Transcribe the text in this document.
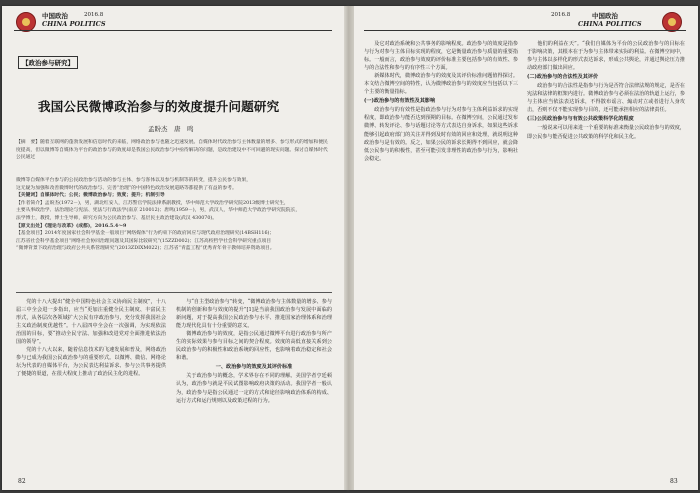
中国政治	2016.8
CHINA POLITICS
【政治参与研究】
我国公民微博政治参与的效度提升问题研究
孟盼杰　唐　鸣
【摘　要】随着互联网的蓬勃发展和信息时代的来临，网络政治参与也随之迅速发展。自媒体时代政治参与主体数量的增多、参与形式的增加和便民度提高，但以微博等自媒体为平台的政治参与的效度却是我国公民政治参与中亟待解决的问题，是政治建设中不可回避的现实问题。探讨自媒体时代公民通过
微博等自媒体平台参与的公民政治参与活动的参与主体、参与客体以及参与机制等的转变，提升公民参与效果，
这无疑为加强和改善微博时代的政治参与、完善“治理”的中国特色政治发展道路等都提供了有益的参考。
【关键词】自媒体时代；公民；微博政治参与；效度；提升；机制引导
【作者简介】孟盼杰(1972－)，男，湖北红安人，江苏警官学院法律系副教授，华中师范大学政治学研究院2013级博士研究生，
主要从事政治学、法治理论与宪法、宪法与行政法学(南京 210012)；唐鸣(1959－)，男，武汉人，华中师范大学政治学研究院院长，
法学博士，教授，博士生导师，研究方向为公民政治参与、基层民主政治建设(武汉 430070)。
【原文出处】《理论与改革》(成都)，2016.5.4～9
【基金项目】2014年度国家社会科学基金一般项目“网络媒体”行为约束下的政府回应与现代政府治理研究(14BSH116)；
江苏省社会科学基金项目“网络社会协同治理问题及其国际比较研究”(15ZZD002)；江苏高校哲学社会科学研究重点项目
“微博背景下政府治理与政府公共关系管理研究”(2013ZDIXM022)；江苏省“青蓝工程”优秀青年骨干教师培养资助项目。

党的十八大提出“健全中国特色社会主义协商民主制度”，十八届三中全会进一步指出，应当“更加注重健全民主制度、丰富民主形式，从各层次各领域扩大公民有序政治参与，充分发挥我国社会主义政治制度优越性”。十八届四中全会在一次强调，为实现依法治国的目标，要“推动全民守法、加强和改进党对全面推进依法治国的领导”。

党的十八大以来，随着信息技术的飞速发展和普及，网络政治参与已成为我国公民政治参与的重要形式。以微博、微信、网络论坛为代表的自媒体平台，为公民表达利益诉求、参与公共事务提供了便捷的渠道，在很大程度上推动了政治民主化的进程。

与“自主型政治参与”转变，“微博政治参与主体数量的增多、参与机制的创新和参与效度的提升”[1]是当前我国政治参与发展中面临的新问题，对于提高我国公民政治参与水平、推进国家治理体系和治理能力现代化具有十分重要的意义。

微博政治参与的效度，是指公民通过微博平台进行政治参与所产生的实际效果与参与目标之间的契合程度。效度的高低直接关系到公民政治参与的积极性和政治系统的回应性，也影响着政治稳定和社会和谐。

一、政治参与的效度及其评价标准

关于政治参与的概念，学术界存在不同的理解。美国学者亨廷顿认为，政治参与就是平民试图影响政府决策的活动。我国学者一般认为，政治参与是指公民通过一定的方式和途径影响政治体系的构成、运行方式和运行规则以及政策过程的行为。

82
2016.8	中国政治
CHINA POLITICS

及它对政治系统和公共事务的影响程度。政治参与的效度是指参与行为对参与主体目标实现的程度，它是衡量政治参与质量的重要指标。一般而言，政治参与效度的评价标准主要包括参与的有效性、参与的合法性和参与的有序性三个方面。

新媒体时代，微博政治参与的效度及其评价标准问题值得探讨。本文结合微博空间的特性，认为微博政治参与的效度应当包括以下三个主要的衡量指标。

(一)政治参与的有效性及其影响

政治参与的有效性是指政治参与行为对参与主体利益诉求的实现程度，即政治参与能否达到预期的目标。在微博空间，公民通过发布微博、转发评论、参与话题讨论等方式表达自身诉求，如果这些诉求能够引起政府部门的关注并得到及时有效的回应和处理，就说明这种政治参与是有效的。反之，如果公民的诉求长期得不到回应，就会降低公民参与的积极性，甚至可能引发非理性的政治参与行为，影响社会稳定。

他们的利益在天”。“我们自媒体为平台的公民政治参与的目标在于影响决策，其根本在于为参与主体带来实际的利益。在微博空间中，参与主体以多样化的形式表达诉求，形成公共舆论，并通过舆论压力推动政府部门做出回应。

(二)政治参与的合法性及其评价

政治参与的合法性是指参与行为是否符合法律法规的规定，是否在宪法和法律的框架内进行。微博政治参与必须在法治的轨道上运行，参与主体应当依法表达诉求，不得散布谣言、煽动对立或者进行人身攻击，否则不仅不能实现参与目的，还可能承担相应的法律责任。

(三)公民政治参与与有效公共政策科学化的程度

一般说来可以用来进一个重要的标准来衡量公民政治参与的效度，即公民参与能否促进公共政策的科学化和民主化。

83
